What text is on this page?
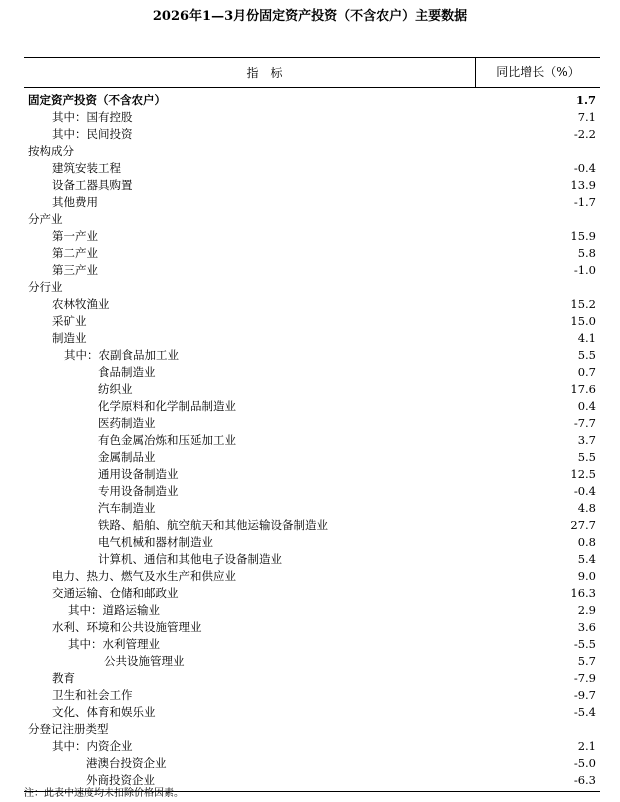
2026年1—3月份固定资产投资（不含农户）主要数据
指　标	同比增长（%）
固定资产投资（不含农户）	1.7
其中：国有控股	7.1
其中：民间投资	-2.2
按构成分
建筑安装工程	-0.4
设备工器具购置	13.9
其他费用	-1.7
分产业
第一产业	15.9
第二产业	5.8
第三产业	-1.0
分行业
农林牧渔业	15.2
采矿业	15.0
制造业	4.1
其中：农副食品加工业	5.5
食品制造业	0.7
纺织业	17.6
化学原料和化学制品制造业	0.4
医药制造业	-7.7
有色金属冶炼和压延加工业	3.7
金属制品业	5.5
通用设备制造业	12.5
专用设备制造业	-0.4
汽车制造业	4.8
铁路、船舶、航空航天和其他运输设备制造业	27.7
电气机械和器材制造业	0.8
计算机、通信和其他电子设备制造业	5.4
电力、热力、燃气及水生产和供应业	9.0
交通运输、仓储和邮政业	16.3
其中：道路运输业	2.9
水利、环境和公共设施管理业	3.6
其中：水利管理业	-5.5
公共设施管理业	5.7
教育	-7.9
卫生和社会工作	-9.7
文化、体育和娱乐业	-5.4
分登记注册类型
其中：内资企业	2.1
港澳台投资企业	-5.0
外商投资企业	-6.3

注：此表中速度均未扣除价格因素。
